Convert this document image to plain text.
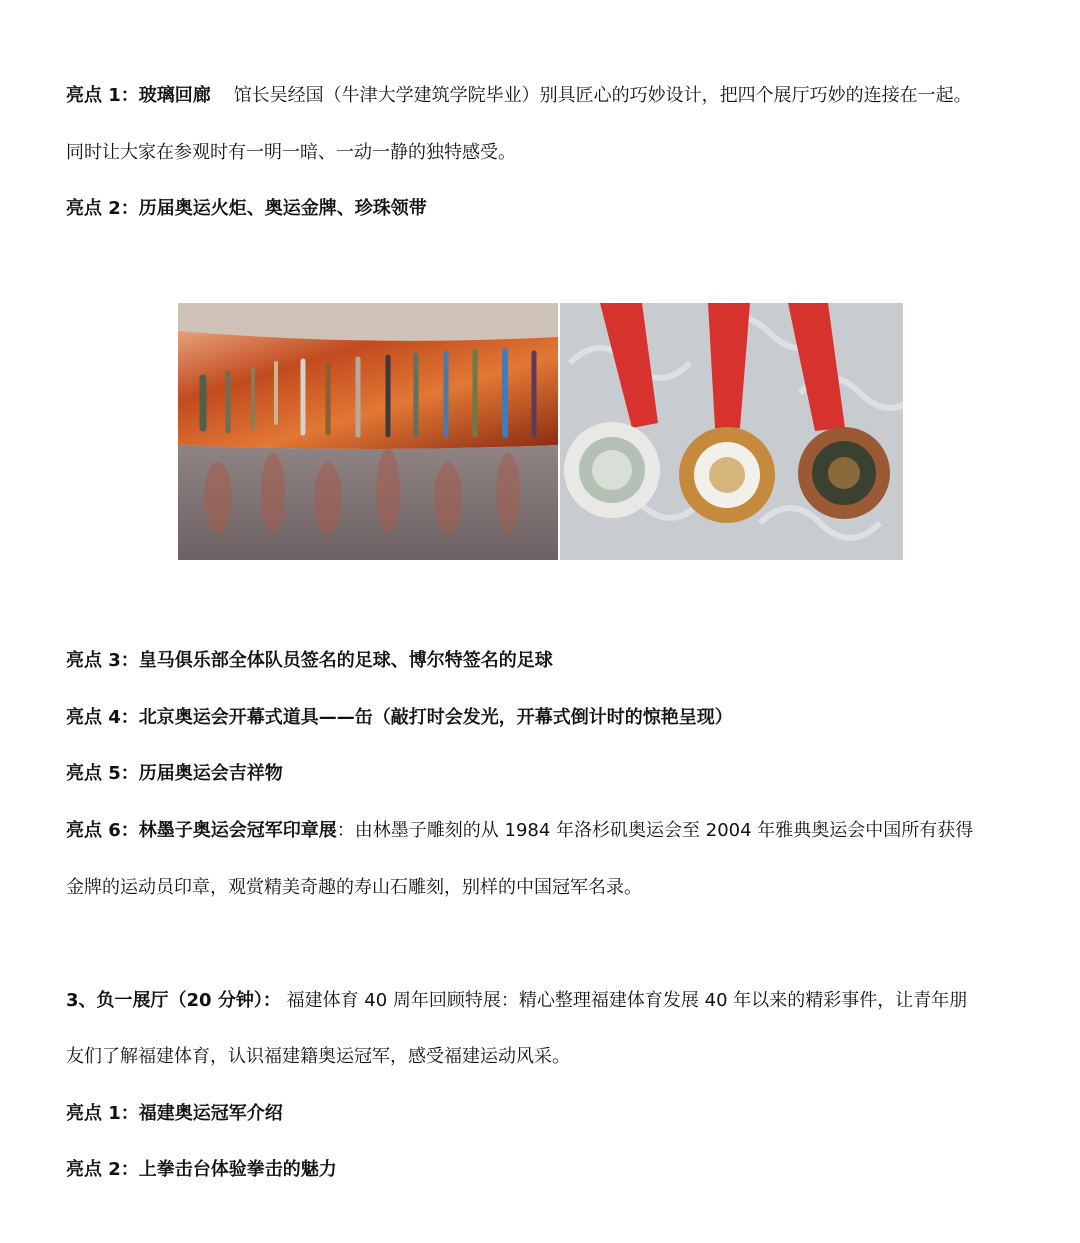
亮点 1：玻璃回廊 馆长吴经国（牛津大学建筑学院毕业）别具匠心的巧妙设计，把四个展厅巧妙的连接在一起。
同时让大家在参观时有一明一暗、一动一静的独特感受。
亮点 2：历届奥运火炬、奥运金牌、珍珠领带
亮点 3：皇马俱乐部全体队员签名的足球、博尔特签名的足球
亮点 4：北京奥运会开幕式道具——缶（敲打时会发光，开幕式倒计时的惊艳呈现）
亮点 5：历届奥运会吉祥物
亮点 6：林墨子奥运会冠军印章展：由林墨子雕刻的从 1984 年洛杉矶奥运会至 2004 年雅典奥运会中国所有获得
金牌的运动员印章，观赏精美奇趣的寿山石雕刻，别样的中国冠军名录。
3、负一展厅（20 分钟）： 福建体育 40 周年回顾特展：精心整理福建体育发展 40 年以来的精彩事件，让青年朋
友们了解福建体育，认识福建籍奥运冠军，感受福建运动风采。
亮点 1：福建奥运冠军介绍
亮点 2：上拳击台体验拳击的魅力
